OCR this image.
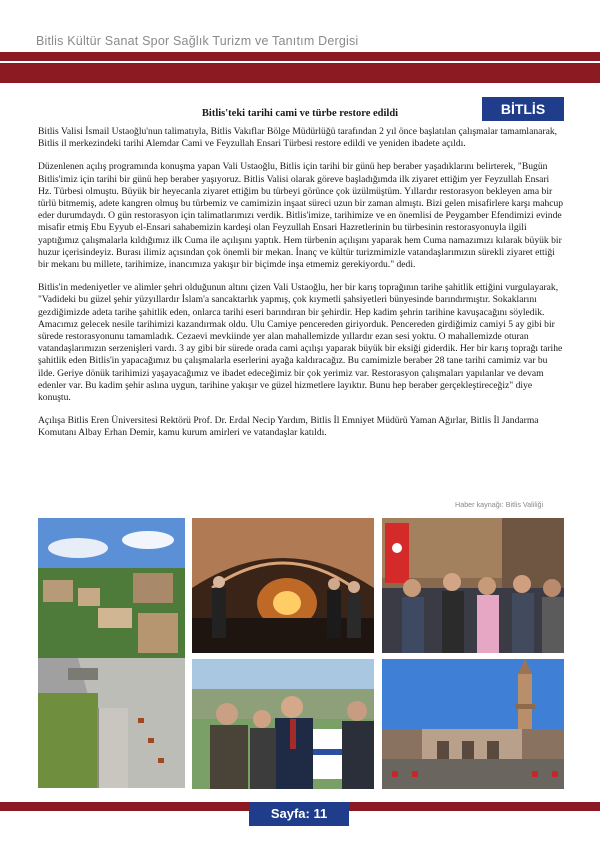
Bitlis Kültür Sanat Spor Sağlık Turizm ve Tanıtım Dergisi
BİTLİS
Bitlis'teki tarihi cami ve türbe restore edildi

Bitlis Valisi İsmail Ustaoğlu'nun talimatıyla, Bitlis Vakıflar Bölge Müdürlüğü tarafından 2 yıl önce başlatılan çalışmalar tamamlanarak, Bitlis il merkezindeki tarihi Alemdar Cami ve Feyzullah Ensari Türbesi restore edildi ve yeniden ibadete açıldı.

Düzenlenen açılış programında konuşma yapan Vali Ustaoğlu, Bitlis için tarihi bir günü hep beraber yaşadıklarını belirterek, "Bugün Bitlis'imiz için tarihi bir günü hep beraber yaşıyoruz. Bitlis Valisi olarak göreve başladığımda ilk ziyaret ettiğim yer Feyzullah Ensari Hz. Türbesi olmuştu. Büyük bir heyecanla ziyaret ettiğim bu türbeyi görünce çok üzülmüştüm. Yıllardır restorasyon bekleyen ama bir türlü bitmemiş, adete kangren olmuş bu türbemiz ve camimizin inşaat süreci uzun bir zaman almıştı. Bizi gelen misafirlere karşı mahcup eder durumdaydı. O gün restorasyon için talimatlarımızı verdik. Bitlis'imize, tarihimize ve en önemlisi de Peygamber Efendimizi evinde misafir etmiş Ebu Eyyub el-Ensari sahabemizin kardeşi olan Feyzullah Ensari Hazretlerinin bu türbesinin restorasyonuyla ilgili yaptığımız çalışmalarla kıldığımız ilk Cuma ile açılışını yaptık. Hem türbenin açılışını yaparak hem Cuma namazımızı kılarak büyük bir huzur içerisindeyiz. Burası ilimiz açısından çok önemli bir mekan. İnanç ve kültür turizmimizle vatandaşlarımızın sürekli ziyaret ettiği bir mekanı bu millete, tarihimize, inancımıza yakışır bir biçimde inşa etmemiz gerekiyordu." dedi.

Bitlis'in medeniyetler ve alimler şehri olduğunun altını çizen Vali Ustaoğlu, her bir karış toprağının tarihe şahitlik ettiğini vurgulayarak, "Vadideki bu güzel şehir yüzyıllardır İslam'a sancaktarlık yapmış, çok kıymetli şahsiyetleri bünyesinde barındırmıştır. Sokaklarını gezdiğimizde adeta tarihe şahitlik eden, onlarca tarihi eseri barındıran bir şehirdir. Hep kadim şehrin tarihine kavuşacağını söyledik. Amacımız gelecek nesile tarihimizi kazandırmak oldu. Ulu Camiye pencereden giriyorduk. Pencereden girdiğimiz camiyi 5 ay gibi bir sürede restorasyonunu tamamladık. Cezaevi mevkiinde yer alan mahallemizde yıllardır ezan sesi yoktu. O mahallemizde oturan vatandaşlarımızın serzenişleri vardı. 3 ay gibi bir sürede orada cami açılışı yaparak büyük bir eksiği giderdik. Her bir karış toprağı tarihe şahitlik eden Bitlis'in yapacağımız bu çalışmalarla eserlerini ayağa kaldıracağız. Bu camimizle beraber 28 tane tarihi camimiz var bu ilde. Geriye dönük tarihimizi yaşayacağımız ve ibadet edeceğimiz bir çok yerimiz var. Restorasyon çalışmaları yapılanlar ve devam edenler var. Bu kadim şehir aslına uygun, tarihine yakışır ve güzel hizmetlere layıktır. Bunu hep beraber gerçekleştireceğiz" diye konuştu.

Açılışa Bitlis Eren Üniversitesi Rektörü Prof. Dr. Erdal Necip Yardım, Bitlis İl Emniyet Müdürü Yaman Ağırlar, Bitlis İl Jandarma Komutanı Albay Erhan Demir, kamu kurum amirleri ve vatandaşlar katıldı.

Haber kaynağı: Bitlis Valiliği
Sayfa: 11
